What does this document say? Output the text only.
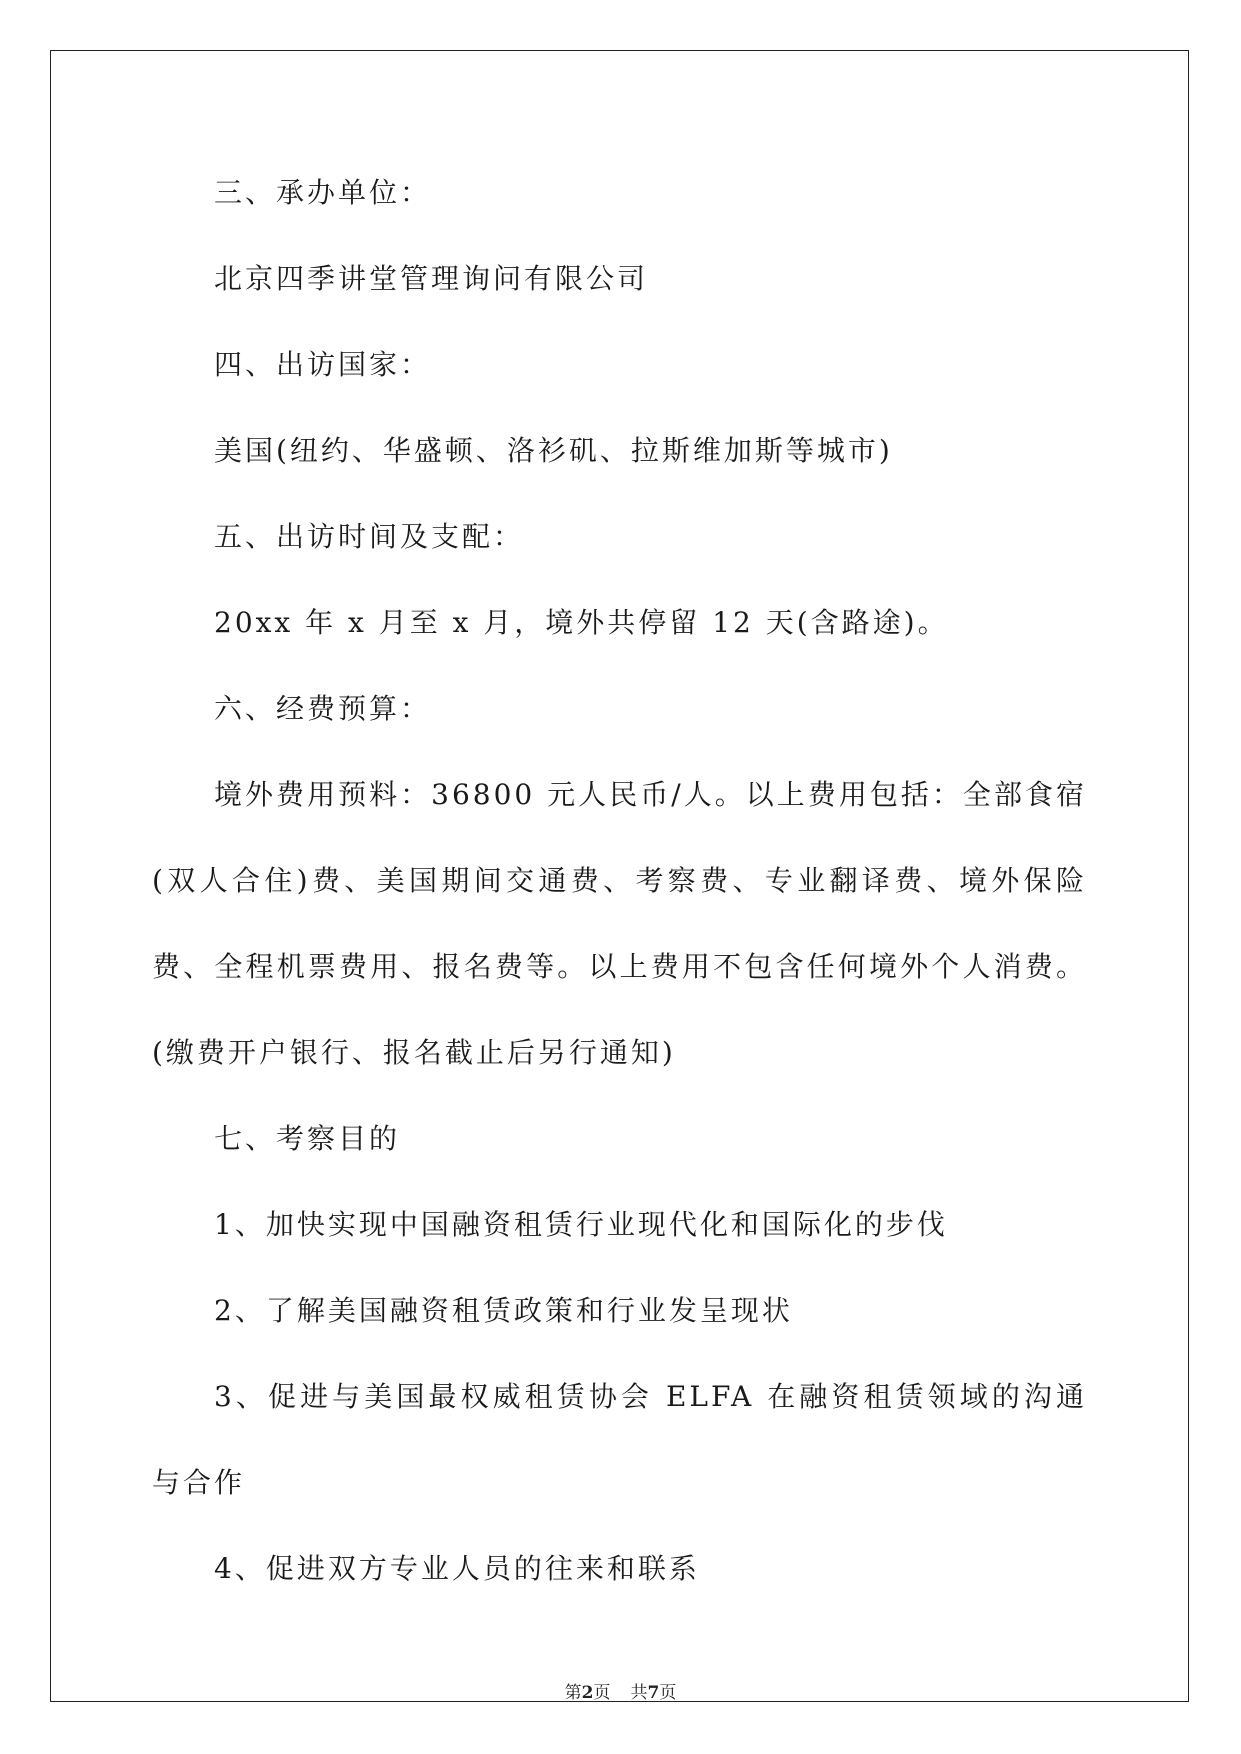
三、承办单位：

北京四季讲堂管理询问有限公司

四、出访国家：

美国(纽约、华盛顿、洛衫矶、拉斯维加斯等城市)

五、出访时间及支配：

20xx 年 x 月至 x 月，境外共停留 12 天(含路途)。

六、经费预算：

境外费用预料：36800 元人民币/人。以上费用包括：全部食宿(双人合住)费、美国期间交通费、考察费、专业翻译费、境外保险费、全程机票费用、报名费等。以上费用不包含任何境外个人消费。(缴费开户银行、报名截止后另行通知)

七、考察目的

1、加快实现中国融资租赁行业现代化和国际化的步伐

2、了解美国融资租赁政策和行业发呈现状

3、促进与美国最权威租赁协会 ELFA 在融资租赁领域的沟通与合作

4、促进双方专业人员的往来和联系

第2页 共7页
